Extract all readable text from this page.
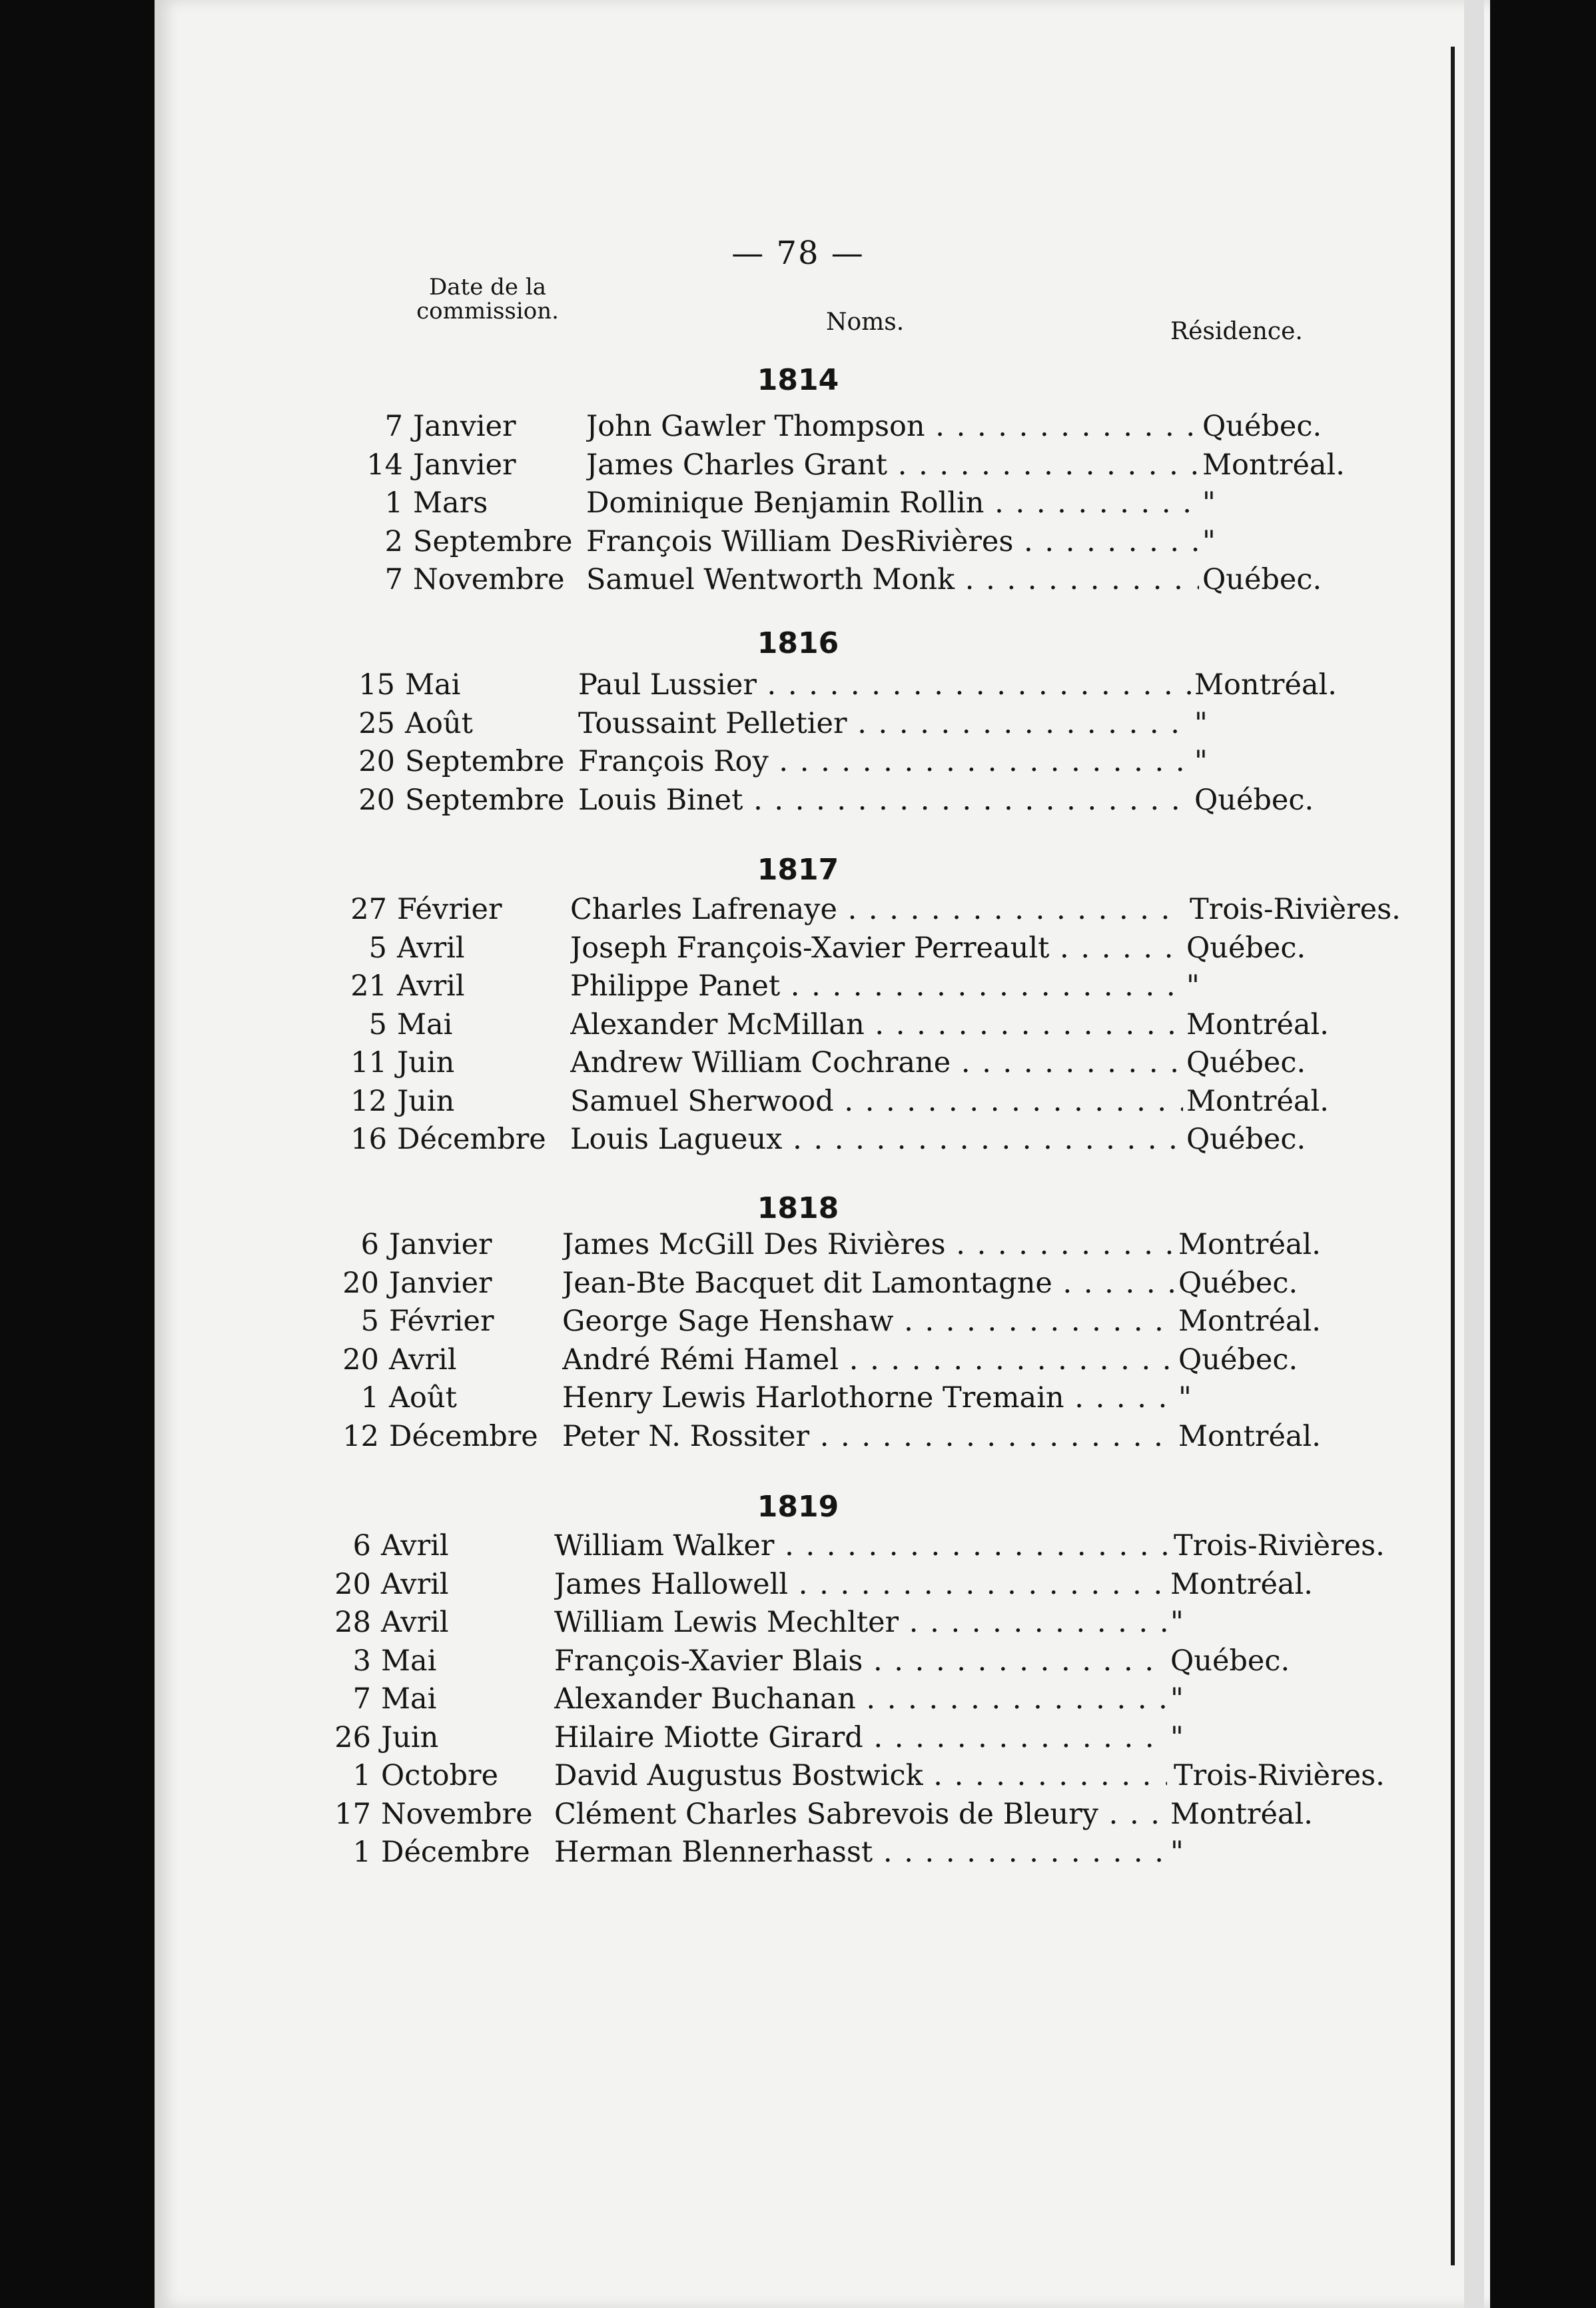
— 78 —
Date de la commission.	Noms.	Résidence.
1814
7 Janvier John Gawler Thompson . . .	Québec.
14 Janvier James Charles Grant . . .	Montréal.
1 Mars	Dominique Benjamin Rollin . . .	"
2 Septembre François William DesRivières . . .	"
7 Novembre Samuel Wentworth Monk . . .	Québec.
1816
15 Mai	Paul Lussier . . .	Montréal.
25 Août	Toussaint Pelletier . . .	"
20 Septembre François Roy . . .	"
20 Septembre Louis Binet . . .	Québec.
1817
27 Février Charles Lafrenaye . . .	Trois-Rivières.
5 Avril	Joseph François-Xavier Perreault . . .	Québec.
21 Avril	Philippe Panet . . .	"
5 Mai	Alexander McMillan . . .	Montréal.
11 Juin	Andrew William Cochrane . . .	Québec.
12 Juin	Samuel Sherwood . . .	Montréal.
16 Décembre Louis Lagueux . . .	Québec.
1818
6 Janvier James McGill Des Rivières . . .	Montréal.
20 Janvier Jean-Bte Bacquet dit Lamontagne . . .	Québec.
5 Février George Sage Henshaw . . .	Montréal.
20 Avril	André Rémi Hamel . . .	Québec.
1 Août	Henry Lewis Harlothorne Tremain . . .	"
12 Décembre Peter N. Rossiter . . .	Montréal.
1819
6 Avril	William Walker . . .	Trois-Rivières.
20 Avril	James Hallowell . . .	Montréal.
28 Avril	William Lewis Mechlter . . .	"
3 Mai	François-Xavier Blais . . .	Québec.
7 Mai	Alexander Buchanan . . .	"
26 Juin	Hilaire Miotte Girard . . .	"
1 Octobre David Augustus Bostwick . . .	Trois-Rivières.
17 Novembre Clément Charles Sabrevois de Bleury . . .	Montréal.
1 Décembre Herman Blennerhasst . . .	"
